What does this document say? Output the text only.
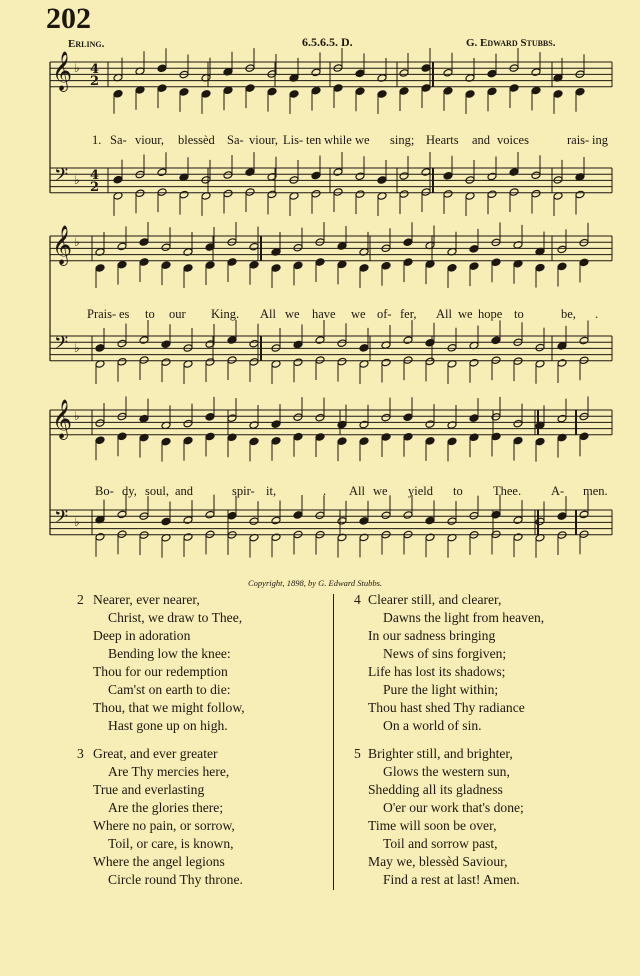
202
Erling.	6.5.6.5. D.	G. Edward Stubbs.
𝄞
𝄢
♭
♭
4
4
2
2
𝄞
𝄢
♭
♭
𝄞
𝄢
♭
♭
1. Sa- viour, blessèd Sa- viour, Lis- ten while we sing; Hearts and voices	rais- ing
Prais- es to our King. All we have we of- fer, All we hope to	be, .
Bo- dy, soul, and	spir- it,	. All we yield to Thee. A- men.
Copyright, 1898, by G. Edward Stubbs.
2 Nearer, ever nearer,
Christ, we draw to Thee,
Deep in adoration
Bending low the knee:
Thou for our redemption
Cam'st on earth to die:
Thou, that we might follow,
Hast gone up on high.
3 Great, and ever greater
Are Thy mercies here,
True and everlasting
Are the glories there;
Where no pain, or sorrow,
Toil, or care, is known,
Where the angel legions
Circle round Thy throne.
4 Clearer still, and clearer,
Dawns the light from heaven,
In our sadness bringing
News of sins forgiven;
Life has lost its shadows;
Pure the light within;
Thou hast shed Thy radiance
On a world of sin.
5 Brighter still, and brighter,
Glows the western sun,
Shedding all its gladness
O'er our work that's done;
Time will soon be over,
Toil and sorrow past,
May we, blessèd Saviour,
Find a rest at last! Amen.
